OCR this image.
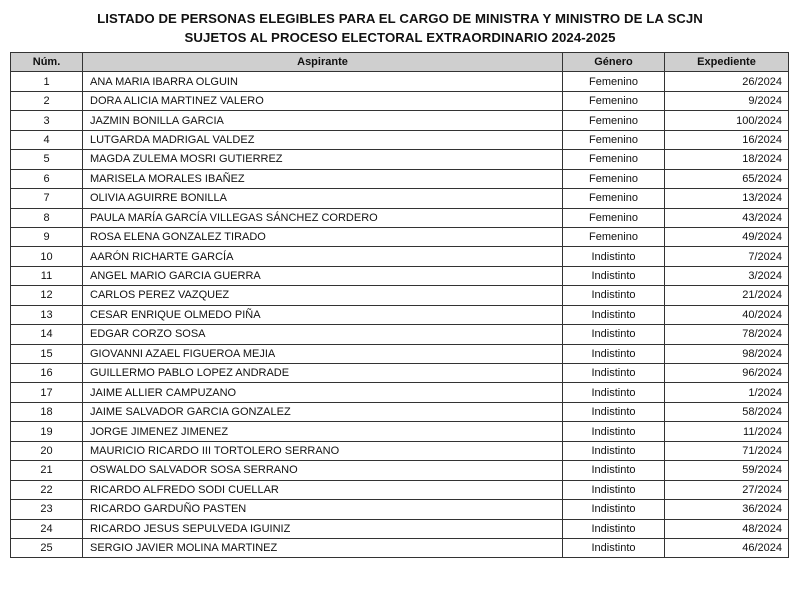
LISTADO DE PERSONAS ELEGIBLES PARA EL CARGO DE MINISTRA Y MINISTRO DE LA SCJN
SUJETOS AL PROCESO ELECTORAL EXTRAORDINARIO 2024-2025
Núm.	Aspirante	Género	Expediente
1	ANA MARIA IBARRA OLGUIN	Femenino	26/2024
2	DORA ALICIA MARTINEZ VALERO	Femenino	9/2024
3	JAZMIN BONILLA GARCIA	Femenino	100/2024
4	LUTGARDA MADRIGAL VALDEZ	Femenino	16/2024
5	MAGDA ZULEMA MOSRI GUTIERREZ	Femenino	18/2024
6	MARISELA MORALES IBAÑEZ	Femenino	65/2024
7	OLIVIA AGUIRRE BONILLA	Femenino	13/2024
8	PAULA MARÍA GARCÍA VILLEGAS SÁNCHEZ CORDERO	Femenino	43/2024
9	ROSA ELENA GONZALEZ TIRADO	Femenino	49/2024
10	AARÓN RICHARTE GARCÍA	Indistinto	7/2024
11	ANGEL MARIO GARCIA GUERRA	Indistinto	3/2024
12	CARLOS PEREZ VAZQUEZ	Indistinto	21/2024
13	CESAR ENRIQUE OLMEDO PIÑA	Indistinto	40/2024
14	EDGAR CORZO SOSA	Indistinto	78/2024
15	GIOVANNI AZAEL FIGUEROA MEJIA	Indistinto	98/2024
16	GUILLERMO PABLO LOPEZ ANDRADE	Indistinto	96/2024
17	JAIME ALLIER CAMPUZANO	Indistinto	1/2024
18	JAIME SALVADOR GARCIA GONZALEZ	Indistinto	58/2024
19	JORGE JIMENEZ JIMENEZ	Indistinto	11/2024
20	MAURICIO RICARDO III TORTOLERO SERRANO	Indistinto	71/2024
21	OSWALDO SALVADOR SOSA SERRANO	Indistinto	59/2024
22	RICARDO ALFREDO SODI CUELLAR	Indistinto	27/2024
23	RICARDO GARDUÑO PASTEN	Indistinto	36/2024
24	RICARDO JESUS SEPULVEDA IGUINIZ	Indistinto	48/2024
25	SERGIO JAVIER MOLINA MARTINEZ	Indistinto	46/2024
